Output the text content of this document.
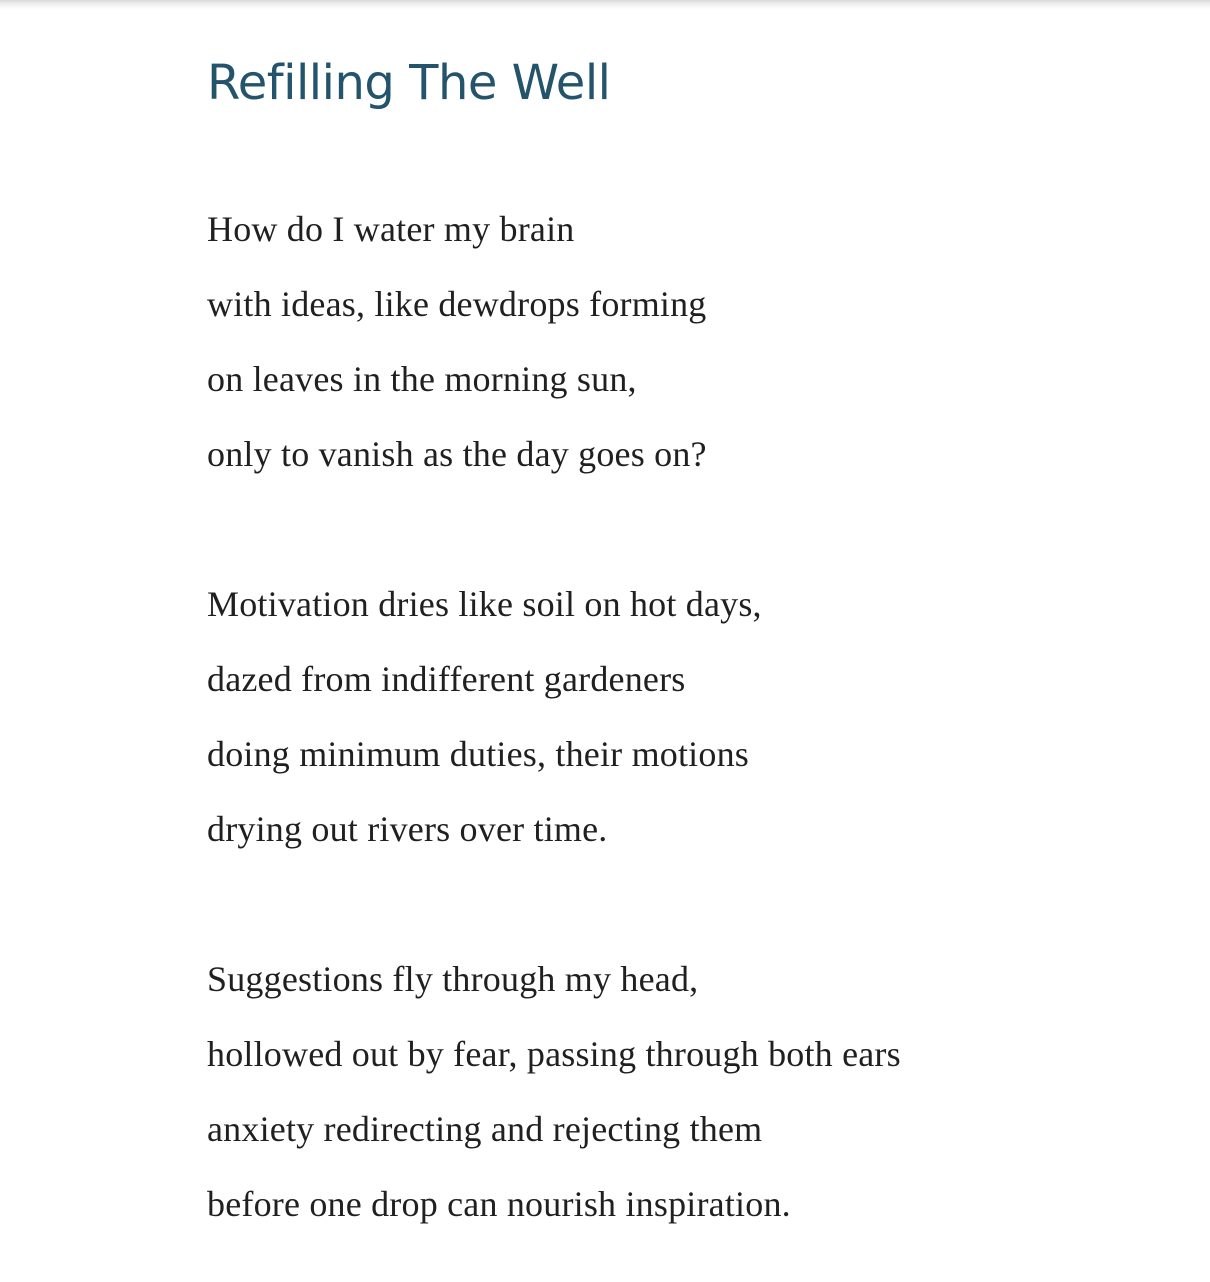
Refilling The Well
How do I water my brain
with ideas, like dewdrops forming
on leaves in the morning sun,
only to vanish as the day goes on?
Motivation dries like soil on hot days,
dazed from indifferent gardeners
doing minimum duties, their motions
drying out rivers over time.
Suggestions fly through my head,
hollowed out by fear, passing through both ears
anxiety redirecting and rejecting them
before one drop can nourish inspiration.
